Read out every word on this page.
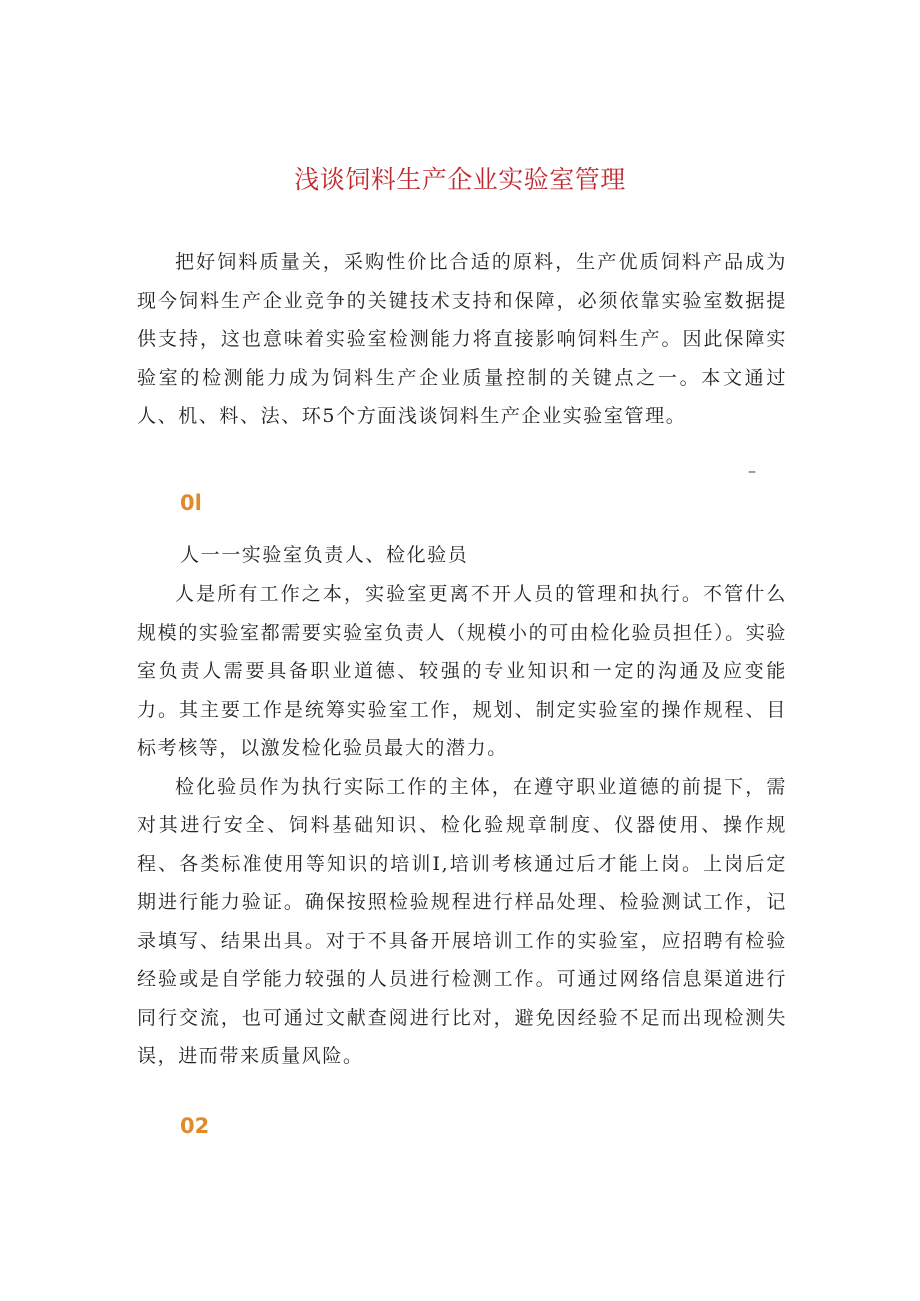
浅谈饲料生产企业实验室管理

把好饲料质量关，采购性价比合适的原料，生产优质饲料产品成为现今饲料生产企业竞争的关键技术支持和保障，必须依靠实验室数据提供支持，这也意味着实验室检测能力将直接影响饲料生产。因此保障实验室的检测能力成为饲料生产企业质量控制的关键点之一。本文通过人、机、料、法、环5个方面浅谈饲料生产企业实验室管理。

–
0l
人一一实验室负责人、检化验员

人是所有工作之本，实验室更离不开人员的管理和执行。不管什么规模的实验室都需要实验室负责人（规模小的可由检化验员担任）。实验室负责人需要具备职业道德、较强的专业知识和一定的沟通及应变能力。其主要工作是统筹实验室工作，规划、制定实验室的操作规程、目标考核等，以激发检化验员最大的潜力。

检化验员作为执行实际工作的主体，在遵守职业道德的前提下，需对其进行安全、饲料基础知识、检化验规章制度、仪器使用、操作规程、各类标准使用等知识的培训I,培训考核通过后才能上岗。上岗后定期进行能力验证。确保按照检验规程进行样品处理、检验测试工作，记录填写、结果出具。对于不具备开展培训工作的实验室，应招聘有检验经验或是自学能力较强的人员进行检测工作。可通过网络信息渠道进行同行交流，也可通过文献查阅进行比对，避免因经验不足而出现检测失误，进而带来质量风险。

02
